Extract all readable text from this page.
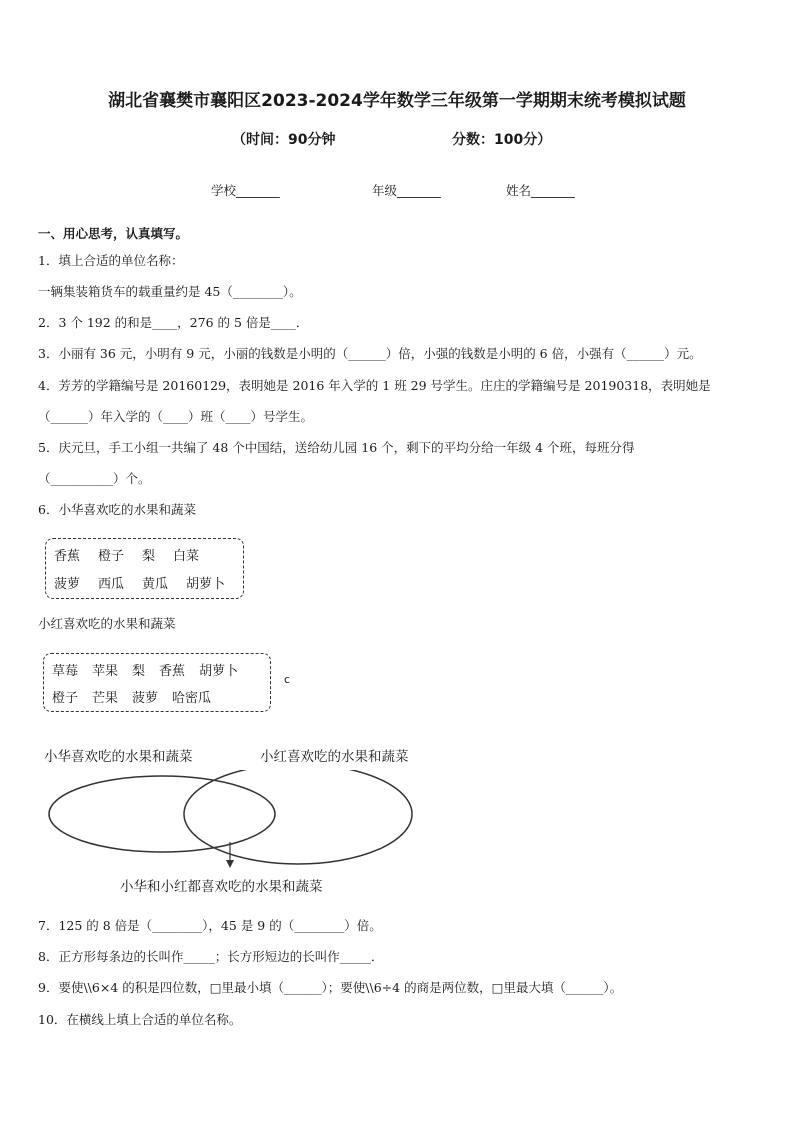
湖北省襄樊市襄阳区2023-2024学年数学三年级第一学期期末统考模拟试题
（时间：90分钟	分数：100分）
学校_______	年级_______	姓名_______
一、用心思考，认真填写。
1．填上合适的单位名称：
一辆集装箱货车的载重量约是 45（________）。
2．3 个 192 的和是____，276 的 5 倍是____．
3．小丽有 36 元，小明有 9 元，小丽的钱数是小明的（______）倍，小强的钱数是小明的 6 倍，小强有（______）元。
4．芳芳的学籍编号是 20160129，表明她是 2016 年入学的 1 班 29 号学生。庄庄的学籍编号是 20190318，表明她是
（______）年入学的（____）班（____）号学生。
5．庆元旦，手工小组一共编了 48 个中国结，送给幼儿园 16 个，剩下的平均分给一年级 4 个班，每班分得
（__________）个。
6．小华喜欢吃的水果和蔬菜
香蕉 橙子 梨 白菜
菠萝 西瓜 黄瓜 胡萝卜
小红喜欢吃的水果和蔬菜
草莓 苹果 梨 香蕉 胡萝卜
橙子 芒果 菠萝 哈密瓜
c
小华喜欢吃的水果和蔬菜	小红喜欢吃的水果和蔬菜
小华和小红都喜欢吃的水果和蔬菜
7．125 的 8 倍是（________），45 是 9 的（________）倍。
8．正方形每条边的长叫作_____；长方形短边的长叫作_____．
9．要使\\6×4 的积是四位数，□里最小填（______）；要使\\6÷4 的商是两位数，□里最大填（______）。
10．在横线上填上合适的单位名称。
